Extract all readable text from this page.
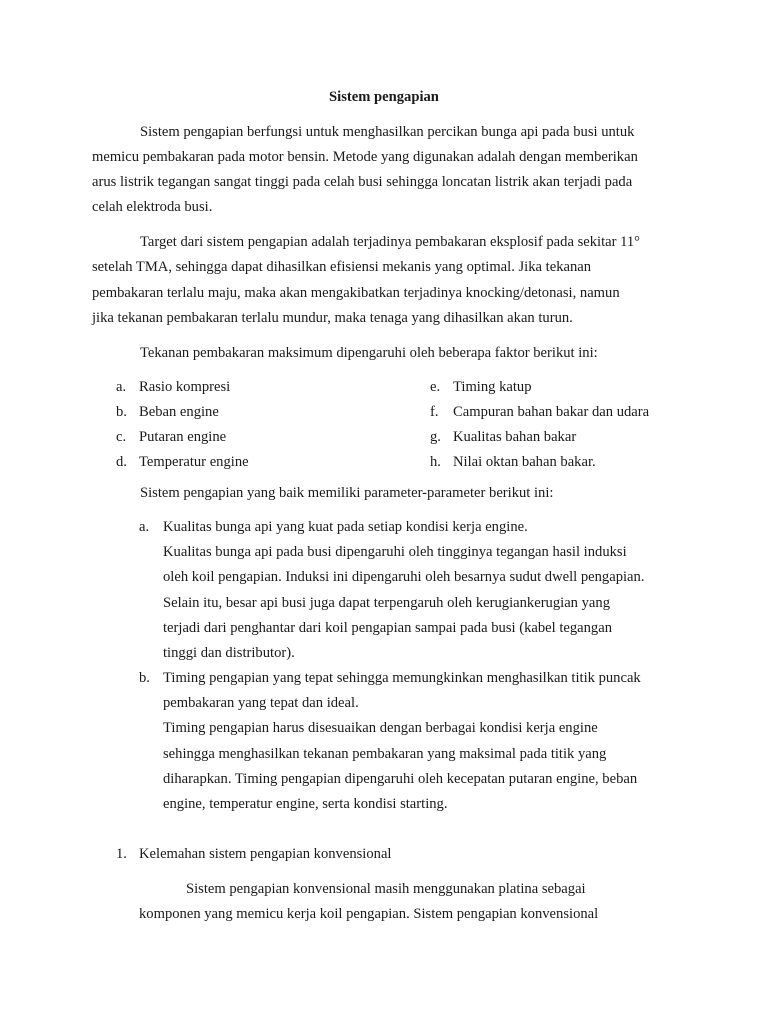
Sistem pengapian
Sistem pengapian berfungsi untuk menghasilkan percikan bunga api pada busi untuk
memicu pembakaran pada motor bensin. Metode yang digunakan adalah dengan memberikan
arus listrik tegangan sangat tinggi pada celah busi sehingga loncatan listrik akan terjadi pada
celah elektroda busi.
Target dari sistem pengapian adalah terjadinya pembakaran eksplosif pada sekitar 11°
setelah TMA, sehingga dapat dihasilkan efisiensi mekanis yang optimal. Jika tekanan
pembakaran terlalu maju, maka akan mengakibatkan terjadinya knocking/detonasi, namun
jika tekanan pembakaran terlalu mundur, maka tenaga yang dihasilkan akan turun.
Tekanan pembakaran maksimum dipengaruhi oleh beberapa faktor berikut ini:
a. Rasio kompresi
b. Beban engine
c. Putaran engine
d. Temperatur engine
e. Timing katup
f. Campuran bahan bakar dan udara
g. Kualitas bahan bakar
h. Nilai oktan bahan bakar.
Sistem pengapian yang baik memiliki parameter-parameter berikut ini:
a. Kualitas bunga api yang kuat pada setiap kondisi kerja engine.
Kualitas bunga api pada busi dipengaruhi oleh tingginya tegangan hasil induksi
oleh koil pengapian. Induksi ini dipengaruhi oleh besarnya sudut dwell pengapian.
Selain itu, besar api busi juga dapat terpengaruh oleh kerugiankerugian yang
terjadi dari penghantar dari koil pengapian sampai pada busi (kabel tegangan
tinggi dan distributor).
b. Timing pengapian yang tepat sehingga memungkinkan menghasilkan titik puncak
pembakaran yang tepat dan ideal.
Timing pengapian harus disesuaikan dengan berbagai kondisi kerja engine
sehingga menghasilkan tekanan pembakaran yang maksimal pada titik yang
diharapkan. Timing pengapian dipengaruhi oleh kecepatan putaran engine, beban
engine, temperatur engine, serta kondisi starting.
1. Kelemahan sistem pengapian konvensional
Sistem pengapian konvensional masih menggunakan platina sebagai
komponen yang memicu kerja koil pengapian. Sistem pengapian konvensional
